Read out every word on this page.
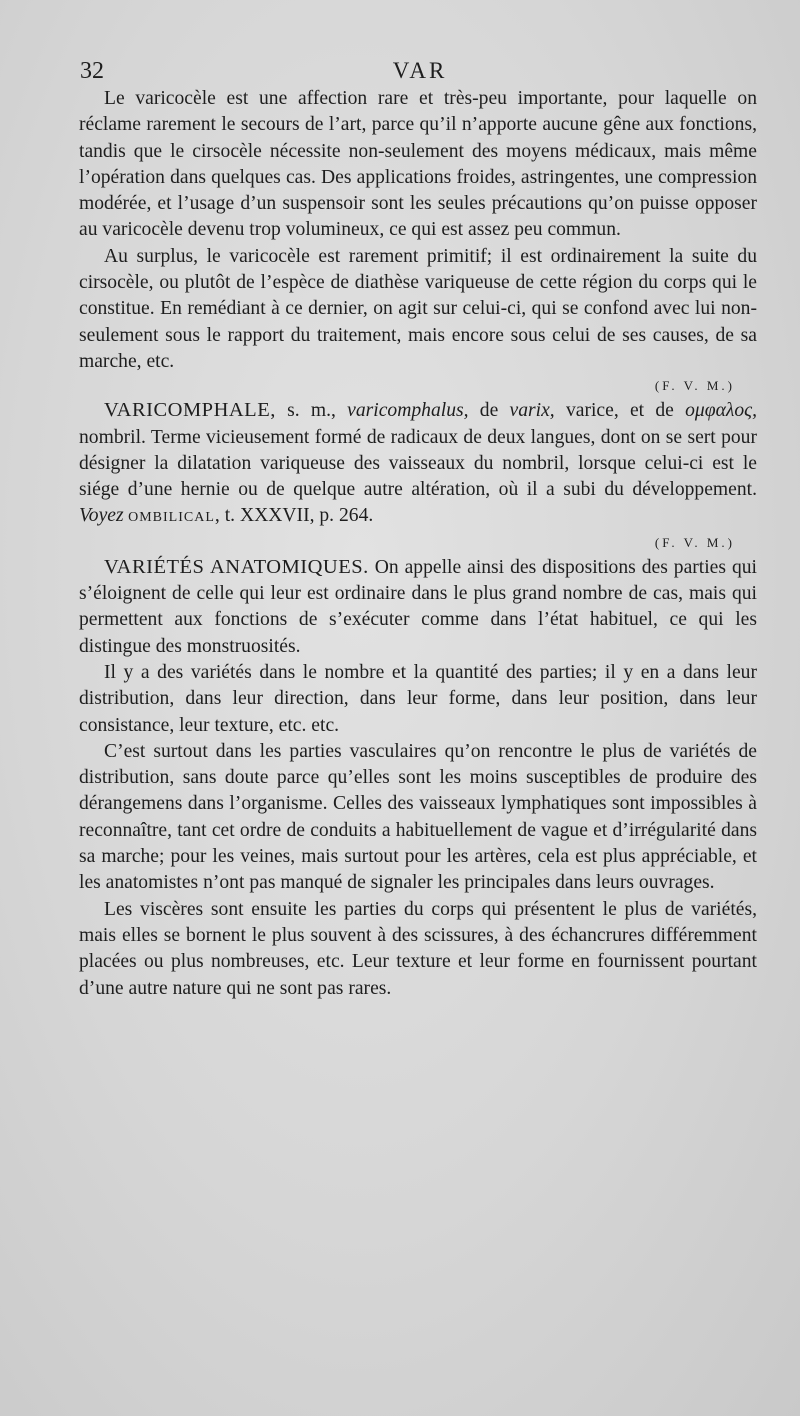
32	VAR

Le varicocèle est une affection rare et très-peu importante, pour laquelle on réclame rarement le secours de l’art, parce qu’il n’apporte aucune gêne aux fonctions, tandis que le cirsocèle nécessite non-seulement des moyens médicaux, mais même l’opération dans quelques cas. Des applications froides, astringentes, une compression modérée, et l’usage d’un suspensoir sont les seules précautions qu’on puisse opposer au varicocèle devenu trop volumineux, ce qui est assez peu commun.

Au surplus, le varicocèle est rarement primitif; il est ordinairement la suite du cirsocèle, ou plutôt de l’espèce de diathèse variqueuse de cette région du corps qui le constitue. En remédiant à ce dernier, on agit sur celui-ci, qui se confond avec lui non-seulement sous le rapport du traitement, mais encore sous celui de ses causes, de sa marche, etc.

(F. V. M.)

VARICOMPHALE, s. m., varicomphalus, de varix, varice, et de ομφαλος, nombril. Terme vicieusement formé de radicaux de deux langues, dont on se sert pour désigner la dilatation variqueuse des vaisseaux du nombril, lorsque celui-ci est le siége d’une hernie ou de quelque autre altération, où il a subi du développement. Voyez OMBILICAL, t. XXXVII, p. 264.

(F. V. M.)

VARIÉTÉS ANATOMIQUES. On appelle ainsi des dispositions des parties qui s’éloignent de celle qui leur est ordinaire dans le plus grand nombre de cas, mais qui permettent aux fonctions de s’exécuter comme dans l’état habituel, ce qui les distingue des monstruosités.

Il y a des variétés dans le nombre et la quantité des parties; il y en a dans leur distribution, dans leur direction, dans leur forme, dans leur position, dans leur consistance, leur texture, etc. etc.

C’est surtout dans les parties vasculaires qu’on rencontre le plus de variétés de distribution, sans doute parce qu’elles sont les moins susceptibles de produire des dérangemens dans l’organisme. Celles des vaisseaux lymphatiques sont impossibles à reconnaître, tant cet ordre de conduits a habituellement de vague et d’irrégularité dans sa marche; pour les veines, mais surtout pour les artères, cela est plus appréciable, et les anatomistes n’ont pas manqué de signaler les principales dans leurs ouvrages.

Les viscères sont ensuite les parties du corps qui présentent le plus de variétés, mais elles se bornent le plus souvent à des scissures, à des échancrures différemment placées ou plus nombreuses, etc. Leur texture et leur forme en fournissent pourtant d’une autre nature qui ne sont pas rares.
